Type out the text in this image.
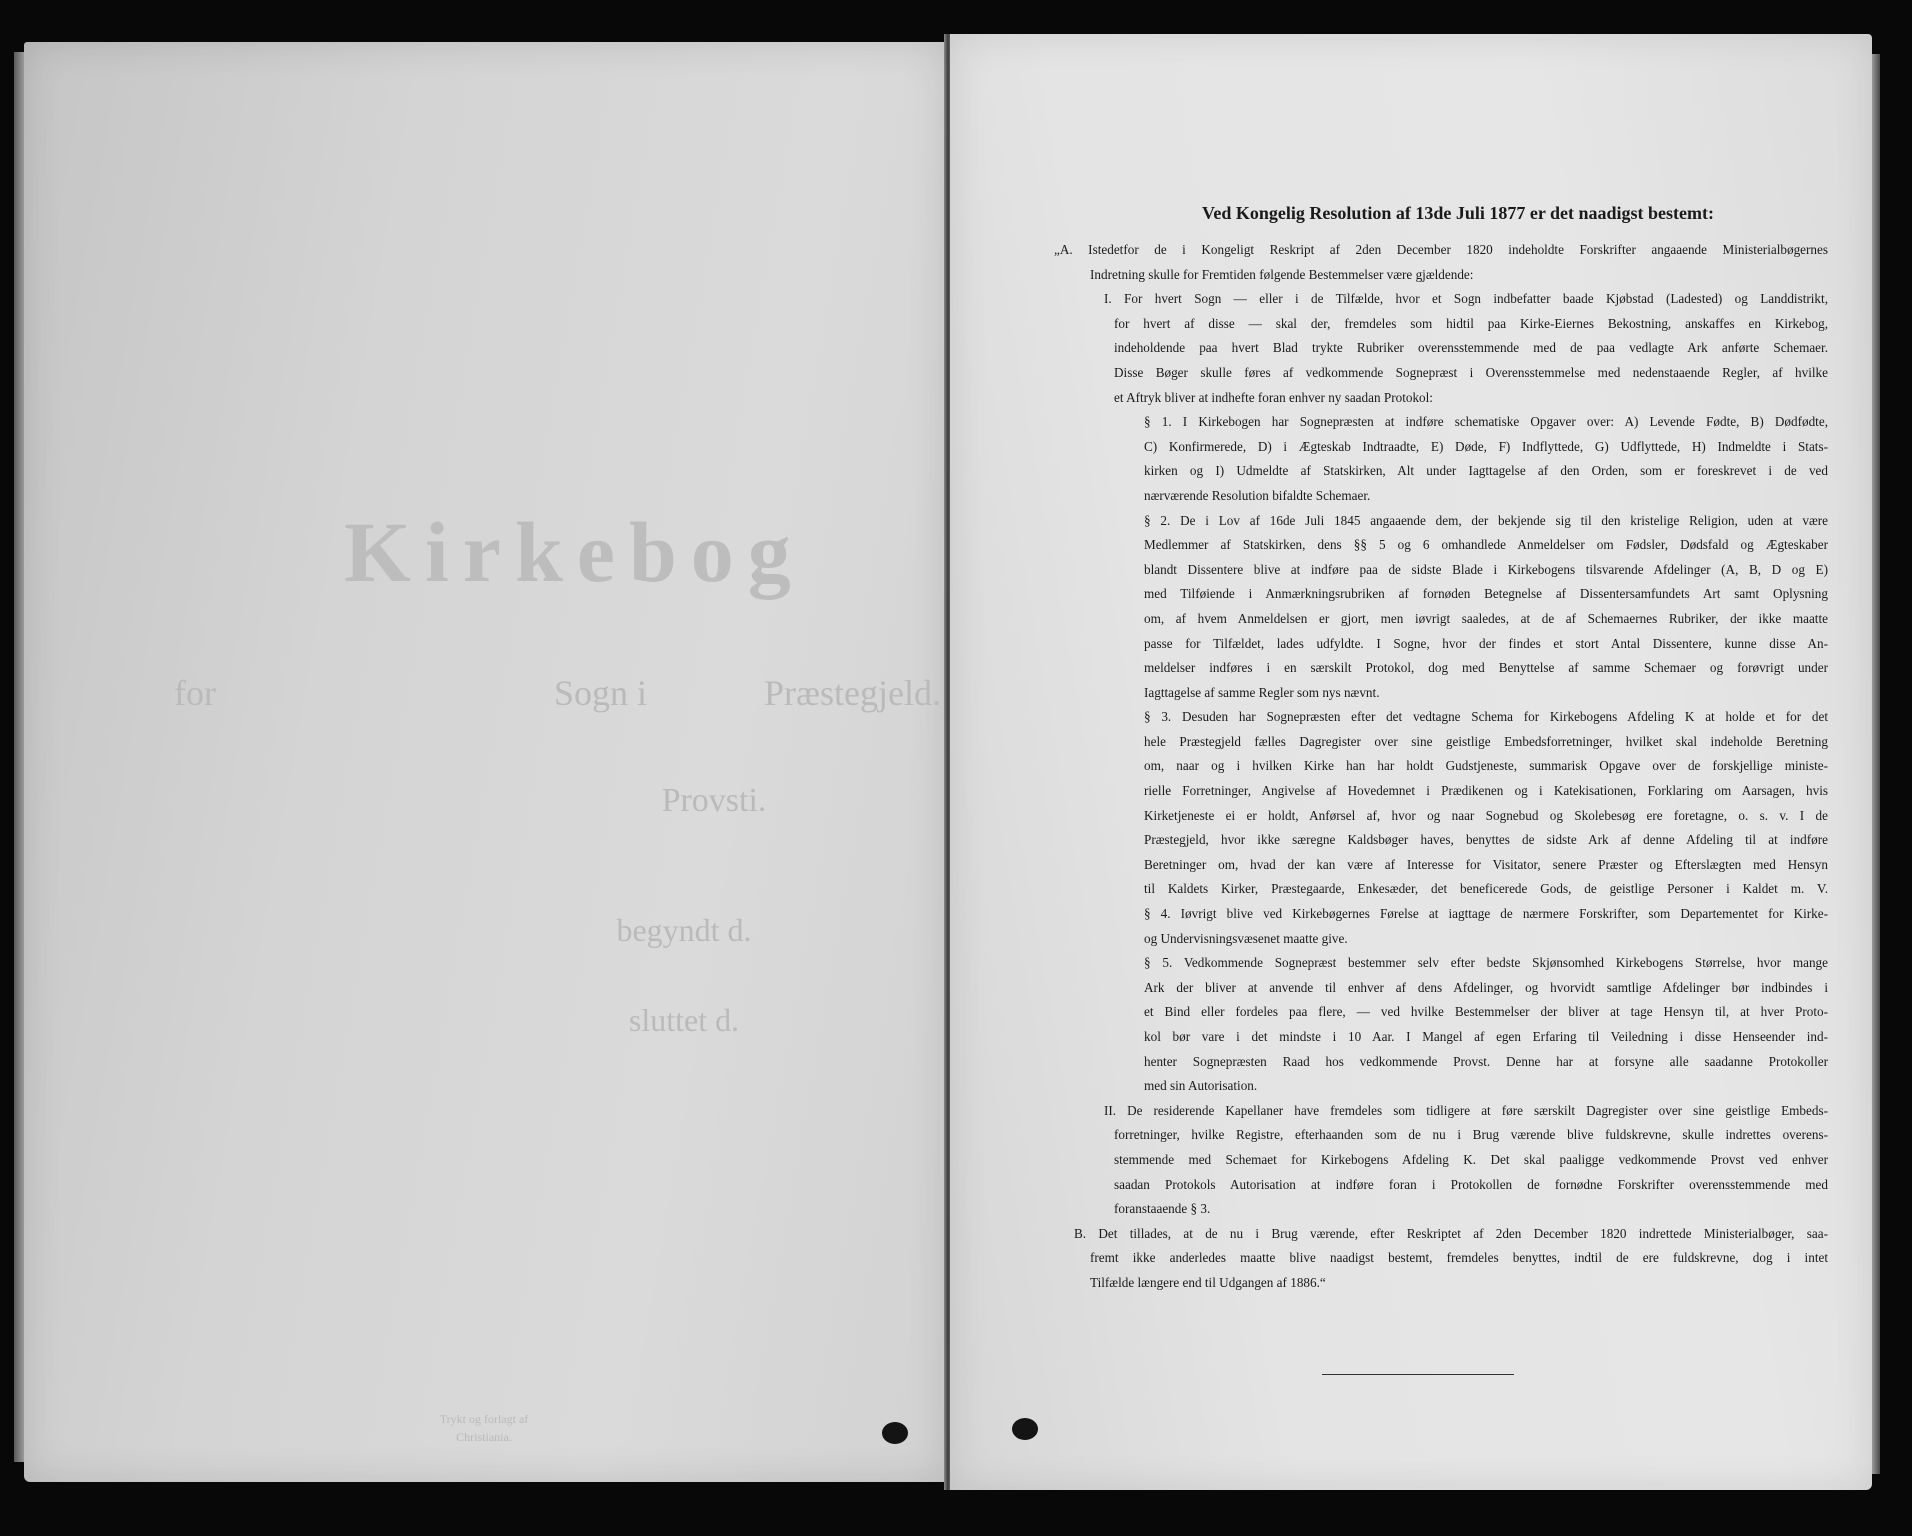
Kirkebog
for	Sogn i	Præstegjeld.
Provsti.
begyndt d.
sluttet d.
Trykt og forlagt af
Christiania.
Ved Kongelig Resolution af 13de Juli 1877 er det naadigst bestemt:
„A. Istedetfor de i Kongeligt Reskript af 2den December 1820 indeholdte Forskrifter angaaende Ministerialbøgernes
Indretning skulle for Fremtiden følgende Bestemmelser være gjældende:
I. For hvert Sogn — eller i de Tilfælde, hvor et Sogn indbefatter baade Kjøbstad (Ladested) og Landdistrikt,
for hvert af disse — skal der, fremdeles som hidtil paa Kirke-Eiernes Bekostning, anskaffes en Kirkebog,
indeholdende paa hvert Blad trykte Rubriker overensstemmende med de paa vedlagte Ark anførte Schemaer.
Disse Bøger skulle føres af vedkommende Sognepræst i Overensstemmelse med nedenstaaende Regler, af hvilke
et Aftryk bliver at indhefte foran enhver ny saadan Protokol:
§ 1. I Kirkebogen har Sognepræsten at indføre schematiske Opgaver over: A) Levende Fødte, B) Dødfødte,
C) Konfirmerede, D) i Ægteskab Indtraadte, E) Døde, F) Indflyttede, G) Udflyttede, H) Indmeldte i Stats-
kirken og I) Udmeldte af Statskirken, Alt under Iagttagelse af den Orden, som er foreskrevet i de ved
nærværende Resolution bifaldte Schemaer.
§ 2. De i Lov af 16de Juli 1845 angaaende dem, der bekjende sig til den kristelige Religion, uden at være
Medlemmer af Statskirken, dens §§ 5 og 6 omhandlede Anmeldelser om Fødsler, Dødsfald og Ægteskaber
blandt Dissentere blive at indføre paa de sidste Blade i Kirkebogens tilsvarende Afdelinger (A, B, D og E)
med Tilføiende i Anmærkningsrubriken af fornøden Betegnelse af Dissentersamfundets Art samt Oplysning
om, af hvem Anmeldelsen er gjort, men iøvrigt saaledes, at de af Schemaernes Rubriker, der ikke maatte
passe for Tilfældet, lades udfyldte. I Sogne, hvor der findes et stort Antal Dissentere, kunne disse An-
meldelser indføres i en særskilt Protokol, dog med Benyttelse af samme Schemaer og forøvrigt under
Iagttagelse af samme Regler som nys nævnt.
§ 3. Desuden har Sognepræsten efter det vedtagne Schema for Kirkebogens Afdeling K at holde et for det
hele Præstegjeld fælles Dagregister over sine geistlige Embedsforretninger, hvilket skal indeholde Beretning
om, naar og i hvilken Kirke han har holdt Gudstjeneste, summarisk Opgave over de forskjellige ministe-
rielle Forretninger, Angivelse af Hovedemnet i Prædikenen og i Katekisationen, Forklaring om Aarsagen, hvis
Kirketjeneste ei er holdt, Anførsel af, hvor og naar Sognebud og Skolebesøg ere foretagne, o. s. v. I de
Præstegjeld, hvor ikke særegne Kaldsbøger haves, benyttes de sidste Ark af denne Afdeling til at indføre
Beretninger om, hvad der kan være af Interesse for Visitator, senere Præster og Efterslægten med Hensyn
til Kaldets Kirker, Præstegaarde, Enkesæder, det beneficerede Gods, de geistlige Personer i Kaldet m. V.
§ 4. Iøvrigt blive ved Kirkebøgernes Førelse at iagttage de nærmere Forskrifter, som Departementet for Kirke-
og Undervisningsvæsenet maatte give.
§ 5. Vedkommende Sognepræst bestemmer selv efter bedste Skjønsomhed Kirkebogens Størrelse, hvor mange
Ark der bliver at anvende til enhver af dens Afdelinger, og hvorvidt samtlige Afdelinger bør indbindes i
et Bind eller fordeles paa flere, — ved hvilke Bestemmelser der bliver at tage Hensyn til, at hver Proto-
kol bør vare i det mindste i 10 Aar. I Mangel af egen Erfaring til Veiledning i disse Henseender ind-
henter Sognepræsten Raad hos vedkommende Provst. Denne har at forsyne alle saadanne Protokoller
med sin Autorisation.
II. De residerende Kapellaner have fremdeles som tidligere at føre særskilt Dagregister over sine geistlige Embeds-
forretninger, hvilke Registre, efterhaanden som de nu i Brug værende blive fuldskrevne, skulle indrettes overens-
stemmende med Schemaet for Kirkebogens Afdeling K. Det skal paaligge vedkommende Provst ved enhver
saadan Protokols Autorisation at indføre foran i Protokollen de fornødne Forskrifter overensstemmende med
foranstaaende § 3.
B. Det tillades, at de nu i Brug værende, efter Reskriptet af 2den December 1820 indrettede Ministerialbøger, saa-
fremt ikke anderledes maatte blive naadigst bestemt, fremdeles benyttes, indtil de ere fuldskrevne, dog i intet
Tilfælde længere end til Udgangen af 1886.“
